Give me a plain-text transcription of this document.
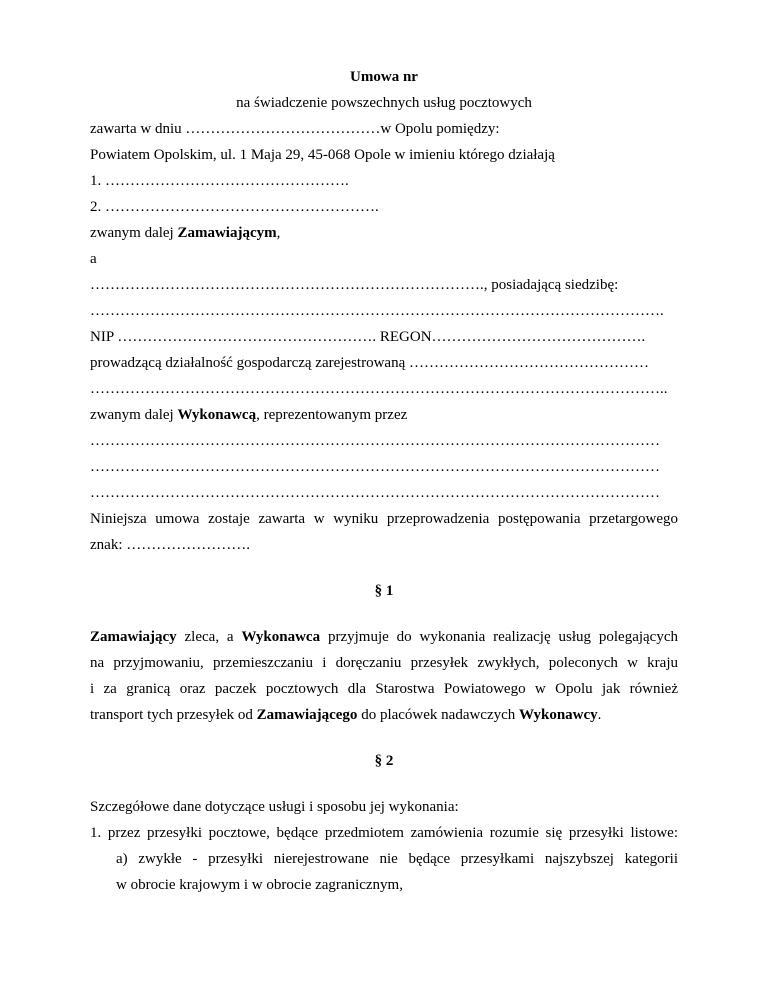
Umowa nr
na świadczenie powszechnych usług pocztowych
zawarta w dniu …………………………………w Opolu pomiędzy:
Powiatem Opolskim, ul. 1 Maja 29, 45-068 Opole w imieniu którego działają
1. ………………………………………….
2. ……………………………………………….
zwanym dalej Zamawiającym,
a
……………………………………………………………………., posiadającą siedzibę:
…………………………………………………………………………………………………….
NIP ……………………………………………. REGON…………………………………….
prowadzącą działalność gospodarczą zarejestrowaną …………………………………………
……………………………………………………………………………………………………..
zwanym dalej Wykonawcą, reprezentowanym przez
……………………………………………………………………………………………………
……………………………………………………………………………………………………
……………………………………………………………………………………………………
Niniejsza umowa zostaje zawarta w wyniku przeprowadzenia postępowania przetargowego
znak: …………………….
§ 1
Zamawiający zleca, a Wykonawca przyjmuje do wykonania realizację usług polegających
na przyjmowaniu, przemieszczaniu i doręczaniu przesyłek zwykłych, poleconych w kraju
i za granicą oraz paczek pocztowych dla Starostwa Powiatowego w Opolu jak również
transport tych przesyłek od Zamawiającego do placówek nadawczych Wykonawcy.
§ 2
Szczegółowe dane dotyczące usługi i sposobu jej wykonania:
1. przez przesyłki pocztowe, będące przedmiotem zamówienia rozumie się przesyłki listowe:
a) zwykłe - przesyłki nierejestrowane nie będące przesyłkami najszybszej kategorii
w obrocie krajowym i w obrocie zagranicznym,
